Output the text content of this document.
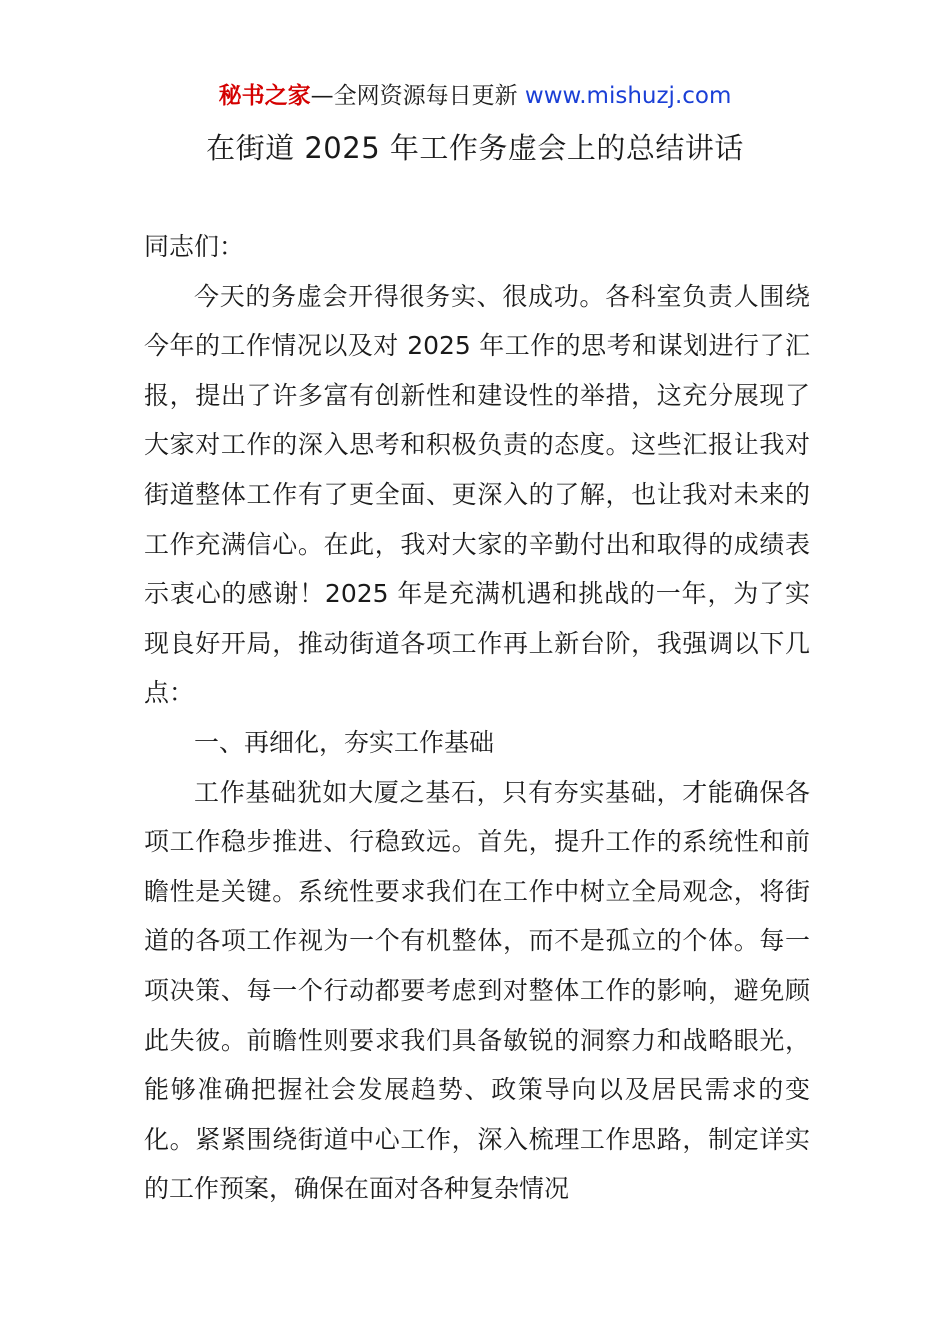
秘书之家—全网资源每日更新 www.mishuzj.com
在街道 2025 年工作务虚会上的总结讲话

同志们：

今天的务虚会开得很务实、很成功。各科室负责人围绕今年的工作情况以及对 2025 年工作的思考和谋划进行了汇报，提出了许多富有创新性和建设性的举措，这充分展现了大家对工作的深入思考和积极负责的态度。这些汇报让我对街道整体工作有了更全面、更深入的了解，也让我对未来的工作充满信心。在此，我对大家的辛勤付出和取得的成绩表示衷心的感谢！2025 年是充满机遇和挑战的一年，为了实现良好开局，推动街道各项工作再上新台阶，我强调以下几点：

一、再细化，夯实工作基础

工作基础犹如大厦之基石，只有夯实基础，才能确保各项工作稳步推进、行稳致远。首先，提升工作的系统性和前瞻性是关键。系统性要求我们在工作中树立全局观念，将街道的各项工作视为一个有机整体，而不是孤立的个体。每一项决策、每一个行动都要考虑到对整体工作的影响，避免顾此失彼。前瞻性则要求我们具备敏锐的洞察力和战略眼光，能够准确把握社会发展趋势、政策导向以及居民需求的变化。紧紧围绕街道中心工作，深入梳理工作思路，制定详实的工作预案，确保在面对各种复杂情况
